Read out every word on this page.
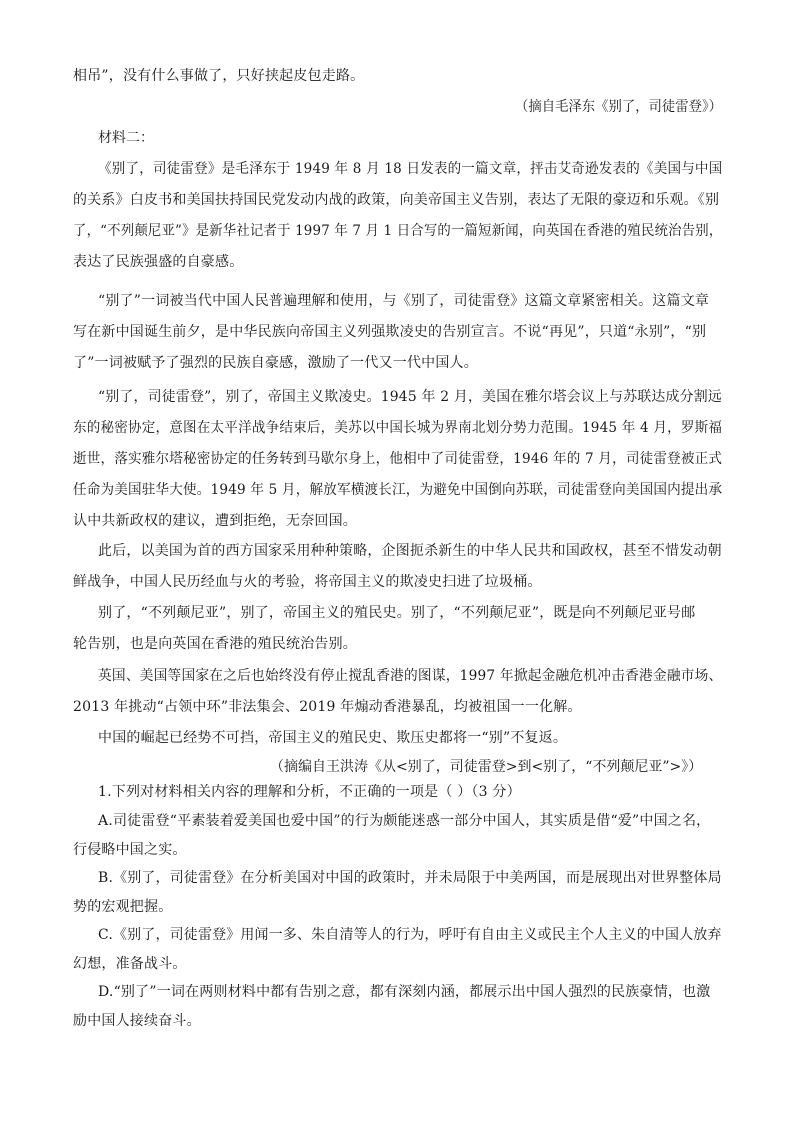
相吊”，没有什么事做了，只好挟起皮包走路。
（摘自毛泽东《别了，司徒雷登》）
材料二：
《别了，司徒雷登》是毛泽东于 1949 年 8 月 18 日发表的一篇文章，抨击艾奇逊发表的《美国与中国
的关系》白皮书和美国扶持国民党发动内战的政策，向美帝国主义告别，表达了无限的豪迈和乐观。《别
了，“不列颠尼亚”》是新华社记者于 1997 年 7 月 1 日合写的一篇短新闻，向英国在香港的殖民统治告别，
表达了民族强盛的自豪感。
“别了”一词被当代中国人民普遍理解和使用，与《别了，司徒雷登》这篇文章紧密相关。这篇文章
写在新中国诞生前夕，是中华民族向帝国主义列强欺凌史的告别宣言。不说“再见”，只道“永别”，“别
了”一词被赋予了强烈的民族自豪感，激励了一代又一代中国人。
“别了，司徒雷登”，别了，帝国主义欺凌史。1945 年 2 月，美国在雅尔塔会议上与苏联达成分割远
东的秘密协定，意图在太平洋战争结束后，美苏以中国长城为界南北划分势力范围。1945 年 4 月，罗斯福
逝世，落实雅尔塔秘密协定的任务转到马歇尔身上，他相中了司徒雷登，1946 年的 7 月，司徒雷登被正式
任命为美国驻华大使。1949 年 5 月，解放军横渡长江，为避免中国倒向苏联，司徒雷登向美国国内提出承
认中共新政权的建议，遭到拒绝，无奈回国。
此后，以美国为首的西方国家采用种种策略，企图扼杀新生的中华人民共和国政权，甚至不惜发动朝
鲜战争，中国人民历经血与火的考验，将帝国主义的欺凌史扫进了垃圾桶。
别了，“不列颠尼亚”，别了，帝国主义的殖民史。别了，“不列颠尼亚”，既是向不列颠尼亚号邮
轮告别，也是向英国在香港的殖民统治告别。
英国、美国等国家在之后也始终没有停止搅乱香港的图谋，1997 年掀起金融危机冲击香港金融市场、
2013 年挑动“占领中环”非法集会、2019 年煽动香港暴乱，均被祖国一一化解。
中国的崛起已经势不可挡，帝国主义的殖民史、欺压史都将一“别”不复返。
（摘编自王洪涛《从<别了，司徒雷登>到<别了，“不列颠尼亚”>》）
1.下列对材料相关内容的理解和分析，不正确的一项是（ ）（3 分）
A.司徒雷登“平素装着爱美国也爱中国”的行为颇能迷惑一部分中国人，其实质是借“爱”中国之名，
行侵略中国之实。
B.《别了，司徒雷登》在分析美国对中国的政策时，并未局限于中美两国，而是展现出对世界整体局
势的宏观把握。
C.《别了，司徒雷登》用闻一多、朱自清等人的行为，呼吁有自由主义或民主个人主义的中国人放弃
幻想，准备战斗。
D.“别了”一词在两则材料中都有告别之意，都有深刻内涵，都展示出中国人强烈的民族豪情，也激
励中国人接续奋斗。
